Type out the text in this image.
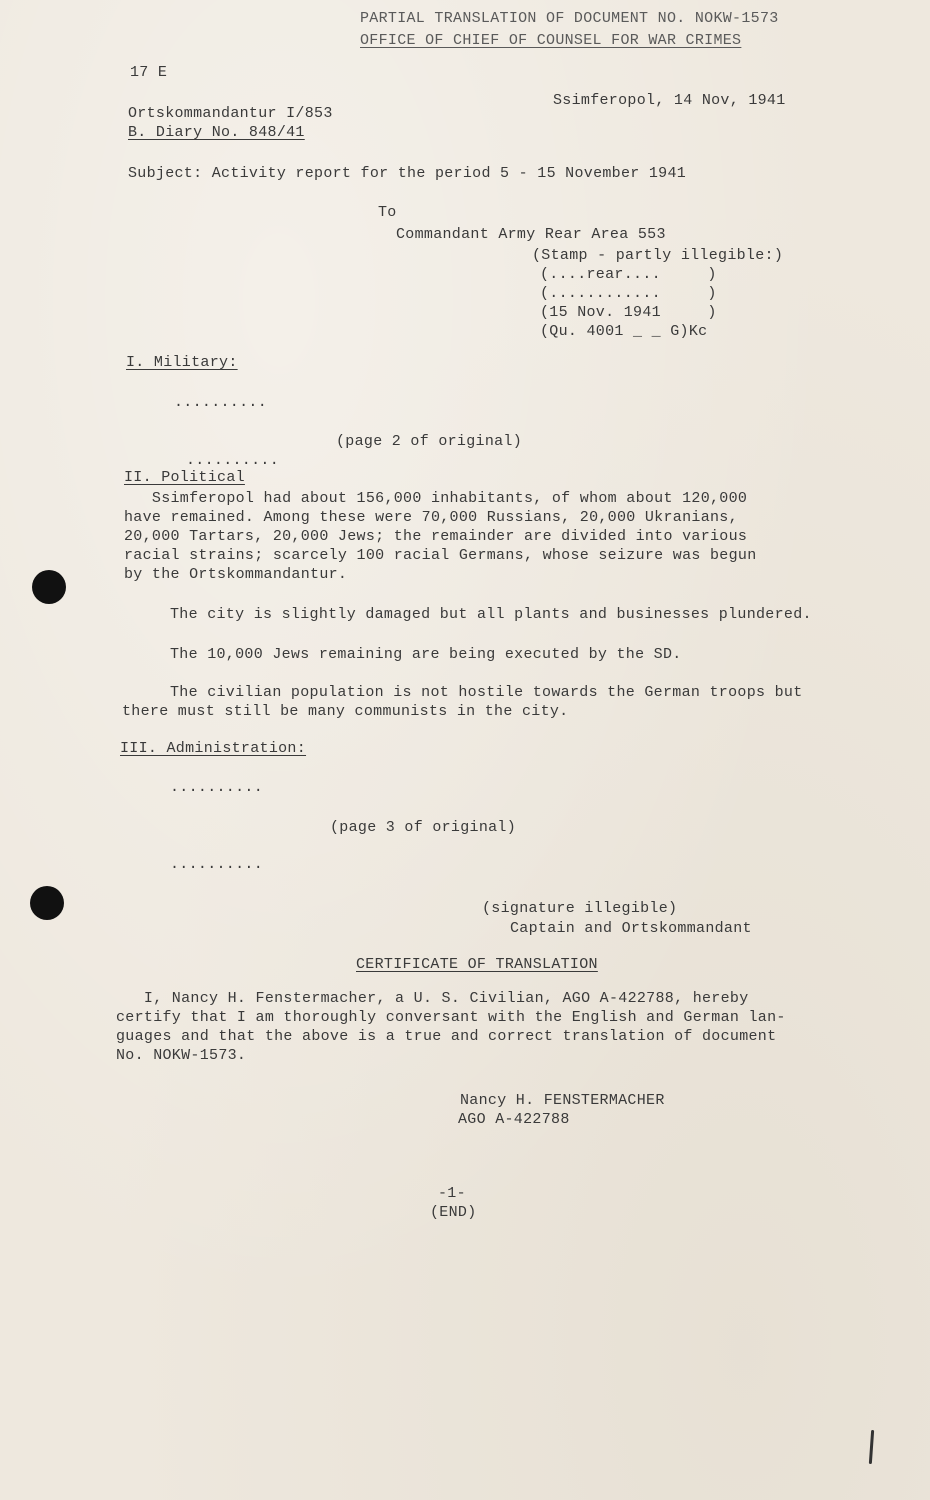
PARTIAL TRANSLATION OF DOCUMENT NO. NOKW-1573
OFFICE OF CHIEF OF COUNSEL FOR WAR CRIMES
17 E
Ssimferopol, 14 Nov, 1941
Ortskommandantur I/853
B. Diary No. 848/41
Subject: Activity report for the period 5 - 15 November 1941
To
Commandant Army Rear Area 553
(Stamp - partly illegible:)
(....rear....     )
(............     )
(15 Nov. 1941     )
(Qu. 4001 _ _ G)Kc
I. Military:
..........
(page 2 of original)
..........
II. Political
Ssimferopol had about 156,000 inhabitants, of whom about 120,000
have remained. Among these were 70,000 Russians, 20,000 Ukranians,
20,000 Tartars, 20,000 Jews; the remainder are divided into various
racial strains; scarcely 100 racial Germans, whose seizure was begun
by the Ortskommandantur.
The city is slightly damaged but all plants and businesses plundered.
The 10,000 Jews remaining are being executed by the SD.
The civilian population is not hostile towards the German troops but
there must still be many communists in the city.
III. Administration:
..........
(page 3 of original)
..........
(signature illegible)
Captain and Ortskommandant
CERTIFICATE OF TRANSLATION
I, Nancy H. Fenstermacher, a U. S. Civilian, AGO A-422788, hereby
certify that I am thoroughly conversant with the English and German lan-
guages and that the above is a true and correct translation of document
No. NOKW-1573.
Nancy H. FENSTERMACHER
AGO A-422788
-1-
(END)
